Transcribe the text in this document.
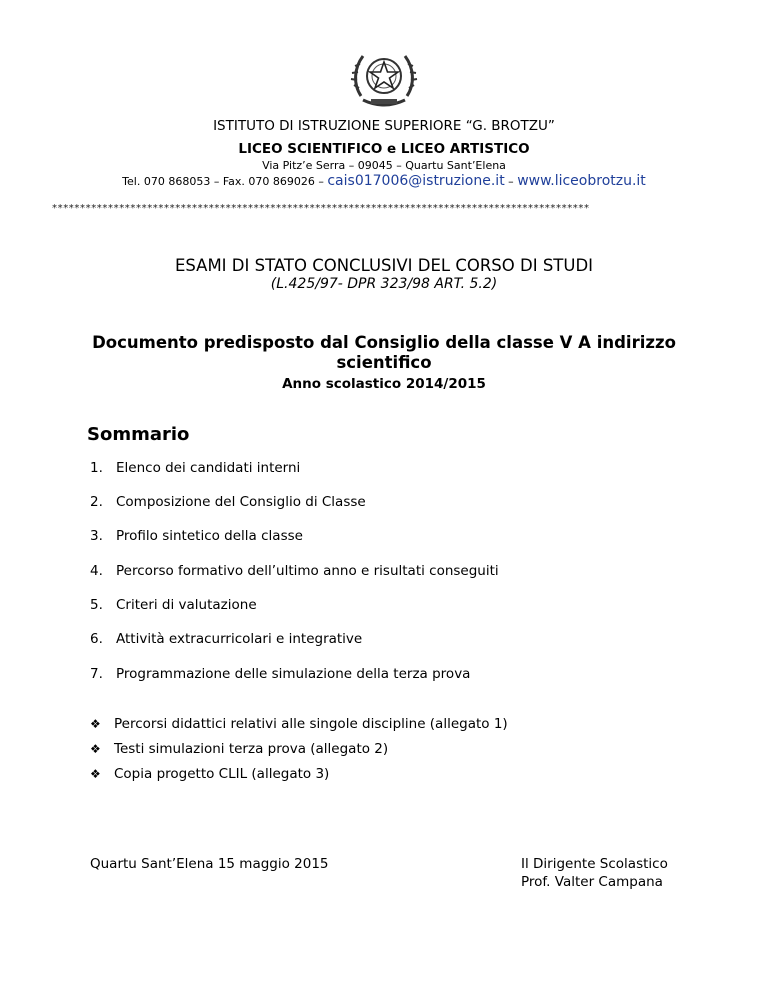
ISTITUTO DI ISTRUZIONE SUPERIORE “G. BROTZU”
LICEO SCIENTIFICO e LICEO ARTISTICO
Via Pitz’e Serra – 09045 – Quartu Sant’Elena
Tel. 070 868053 – Fax. 070 869026 – cais017006@istruzione.it – www.liceobrotzu.it
************************************************************************************************
ESAMI DI STATO CONCLUSIVI DEL CORSO DI STUDI
(L.425/97- DPR 323/98 ART. 5.2)
Documento predisposto dal Consiglio della classe V A indirizzo scientifico
Anno scolastico 2014/2015
Sommario
1. Elenco dei candidati interni
2. Composizione del Consiglio di Classe
3. Profilo sintetico della classe
4. Percorso formativo dell’ultimo anno e risultati conseguiti
5. Criteri di valutazione
6. Attività extracurricolari e integrative
7. Programmazione delle simulazione della terza prova
❖ Percorsi didattici relativi alle singole discipline (allegato 1)
❖ Testi simulazioni terza prova (allegato 2)
❖ Copia progetto CLIL (allegato 3)
Quartu Sant’Elena 15 maggio 2015	Il Dirigente Scolastico
Prof. Valter Campana
